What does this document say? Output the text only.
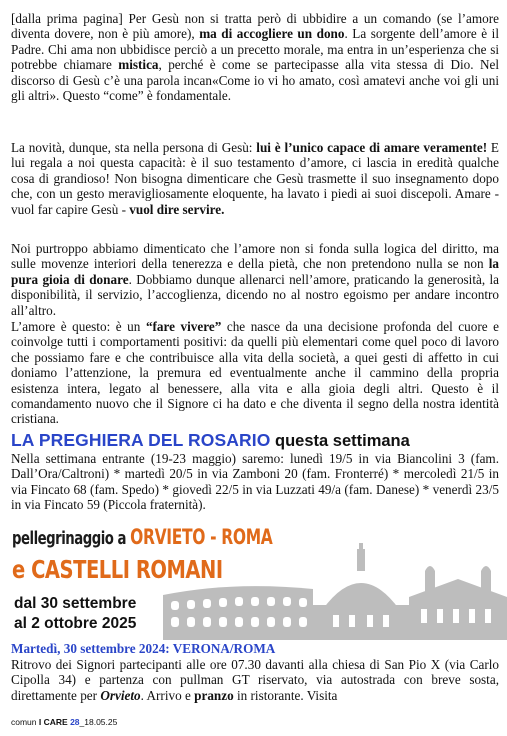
[dalla prima pagina] Per Gesù non si tratta però di ubbidire a un comando (se l’amore diventa dovere, non è più amore), ma di accogliere un dono. La sorgente dell’amore è il Padre. Chi ama non ubbidisce perciò a un precetto morale, ma entra in un’esperienza che si potrebbe chiamare mistica, perché è come se partecipasse alla vita stessa di Dio. Nel discorso di Gesù c’è una parola incan«Come io vi ho amato, così amatevi anche voi gli uni gli altri». Questo “come” è fondamentale.

La novità, dunque, sta nella persona di Gesù: lui è l’unico capace di amare veramente! E lui regala a noi questa capacità: è il suo testamento d’amore, ci lascia in eredità qualche cosa di grandioso! Non bisogna dimenticare che Gesù trasmette il suo insegnamento dopo che, con un gesto meravigliosamente eloquente, ha lavato i piedi ai suoi discepoli. Amare - vuol far capire Gesù - vuol dire servire.

Noi purtroppo abbiamo dimenticato che l’amore non si fonda sulla logica del diritto, ma sulle movenze interiori della tenerezza e della pietà, che non pretendono nulla se non la pura gioia di donare. Dobbiamo dunque allenarci nell’amore, praticando la generosità, la disponibilità, il servizio, l’accoglienza, dicendo no al nostro egoismo per andare incontro all’altro.

L’amore è questo: è un “fare vivere” che nasce da una decisione profonda del cuore e coinvolge tutti i comportamenti positivi: da quelli più elementari come quel poco di lavoro che possiamo fare e che contribuisce alla vita della società, a quei gesti di affetto in cui doniamo l’attenzione, la premura ed eventualmente anche il cammino della propria esistenza intera, legato al benessere, alla vita e alla gioia degli altri. Questo è il comandamento nuovo che il Signore ci ha dato e che diventa il segno della nostra identità cristiana.

LA PREGHIERA DEL ROSARIO questa settimana

Nella settimana entrante (19-23 maggio) saremo: lunedì 19/5 in via Biancolini 3 (fam. Dall’Ora/Caltroni) * martedì 20/5 in via Zamboni 20 (fam. Fronterré) * mercoledì 21/5 in via Fincato 68 (fam. Spedo) * giovedì 22/5 in via Luzzati 49/a (fam. Danese) * venerdì 23/5 in via Fincato 59 (Piccola fraternità).

pellegrinaggio a ORVIETO - ROMA

e CASTELLI ROMANI

dal 30 settembre
al 2 ottobre 2025

Martedì, 30 settembre 2024: VERONA/ROMA

Ritrovo dei Signori partecipanti alle ore 07.30 davanti alla chiesa di San Pio X (via Carlo Cipolla 34) e partenza con pullman GT riservato, via autostrada con breve sosta, direttamente per Orvieto. Arrivo e pranzo in ristorante. Visita

comun I CARE 28_18.05.25
